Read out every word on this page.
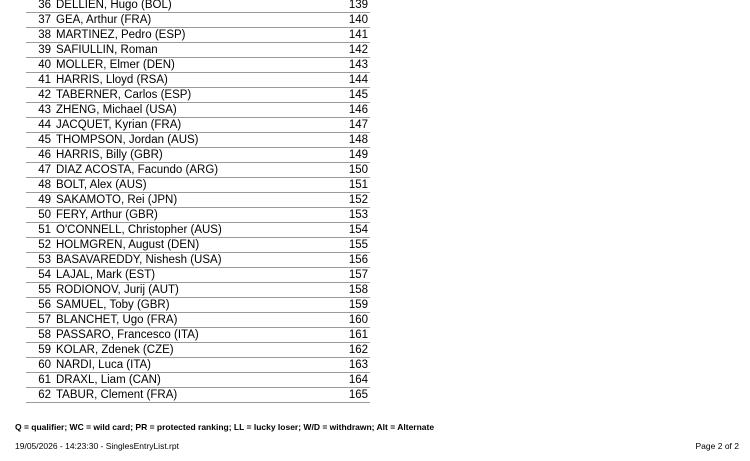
36	DELLIEN, Hugo (BOL)	139
37	GEA, Arthur (FRA)	140
38	MARTINEZ, Pedro (ESP)	141
39	SAFIULLIN, Roman	142
40	MOLLER, Elmer (DEN)	143
41	HARRIS, Lloyd (RSA)	144
42	TABERNER, Carlos (ESP)	145
43	ZHENG, Michael (USA)	146
44	JACQUET, Kyrian (FRA)	147
45	THOMPSON, Jordan (AUS)	148
46	HARRIS, Billy (GBR)	149
47	DIAZ ACOSTA, Facundo (ARG)	150
48	BOLT, Alex (AUS)	151
49	SAKAMOTO, Rei (JPN)	152
50	FERY, Arthur (GBR)	153
51	O'CONNELL, Christopher (AUS)	154
52	HOLMGREN, August (DEN)	155
53	BASAVAREDDY, Nishesh (USA)	156
54	LAJAL, Mark (EST)	157
55	RODIONOV, Jurij (AUT)	158
56	SAMUEL, Toby (GBR)	159
57	BLANCHET, Ugo (FRA)	160
58	PASSARO, Francesco (ITA)	161
59	KOLAR, Zdenek (CZE)	162
60	NARDI, Luca (ITA)	163
61	DRAXL, Liam (CAN)	164
62	TABUR, Clement (FRA)	165
Q = qualifier; WC = wild card; PR = protected ranking; LL = lucky loser; W/D = withdrawn; Alt = Alternate
19/05/2026 - 14:23:30 - SinglesEntryList.rpt	Page 2 of 2
